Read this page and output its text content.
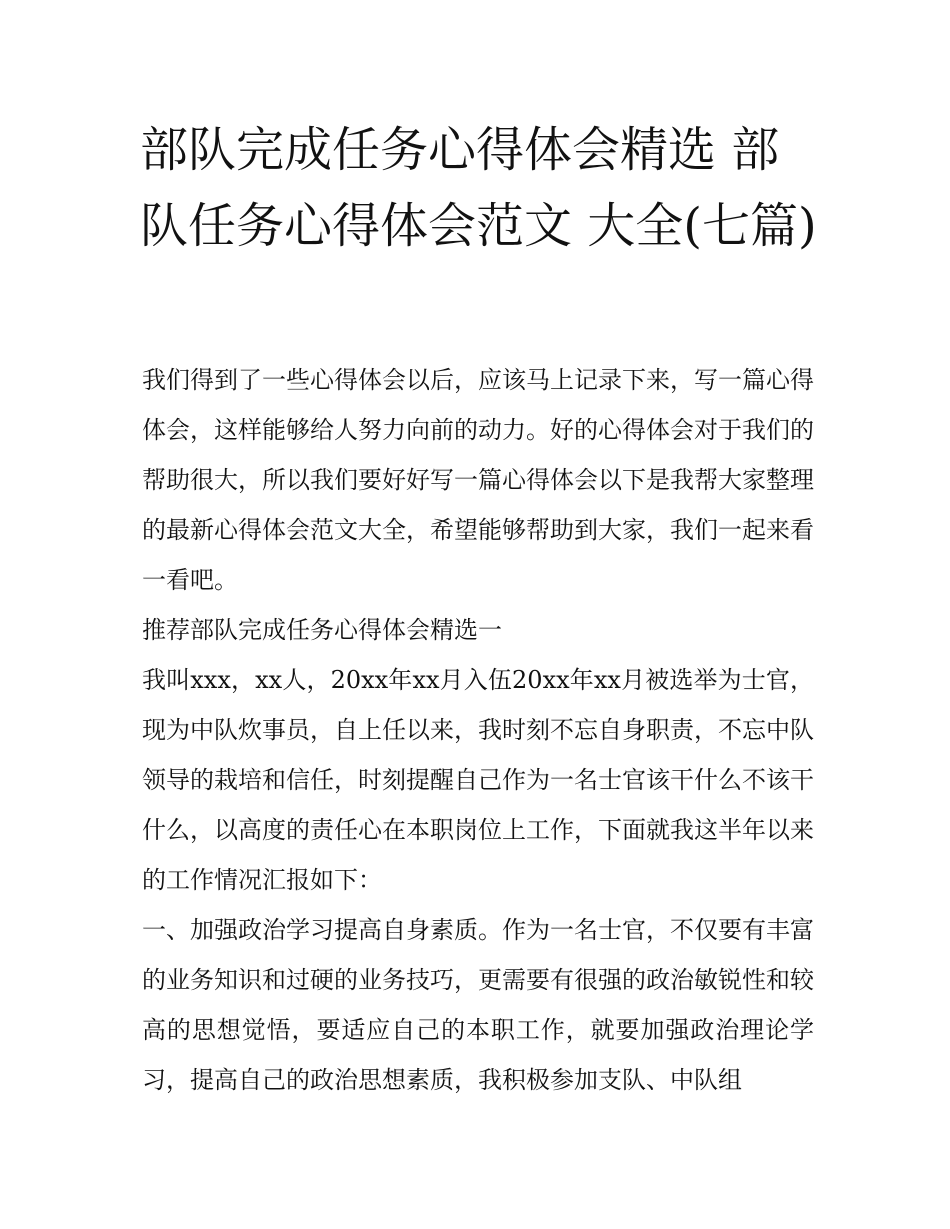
部队完成任务心得体会精选 部队任务心得体会范文 大全(七篇)

我们得到了一些心得体会以后，应该马上记录下来，写一篇心得体会，这样能够给人努力向前的动力。好的心得体会对于我们的帮助很大，所以我们要好好写一篇心得体会以下是我帮大家整理的最新心得体会范文大全，希望能够帮助到大家，我们一起来看一看吧。

推荐部队完成任务心得体会精选一

我叫xxx，xx人，20xx年xx月入伍20xx年xx月被选举为士官，现为中队炊事员，自上任以来，我时刻不忘自身职责，不忘中队领导的栽培和信任，时刻提醒自己作为一名士官该干什么不该干什么，以高度的责任心在本职岗位上工作，下面就我这半年以来的工作情况汇报如下：

一、加强政治学习提高自身素质。作为一名士官，不仅要有丰富的业务知识和过硬的业务技巧，更需要有很强的政治敏锐性和较高的思想觉悟，要适应自己的本职工作，就要加强政治理论学习，提高自己的政治思想素质，我积极参加支队、中队组
